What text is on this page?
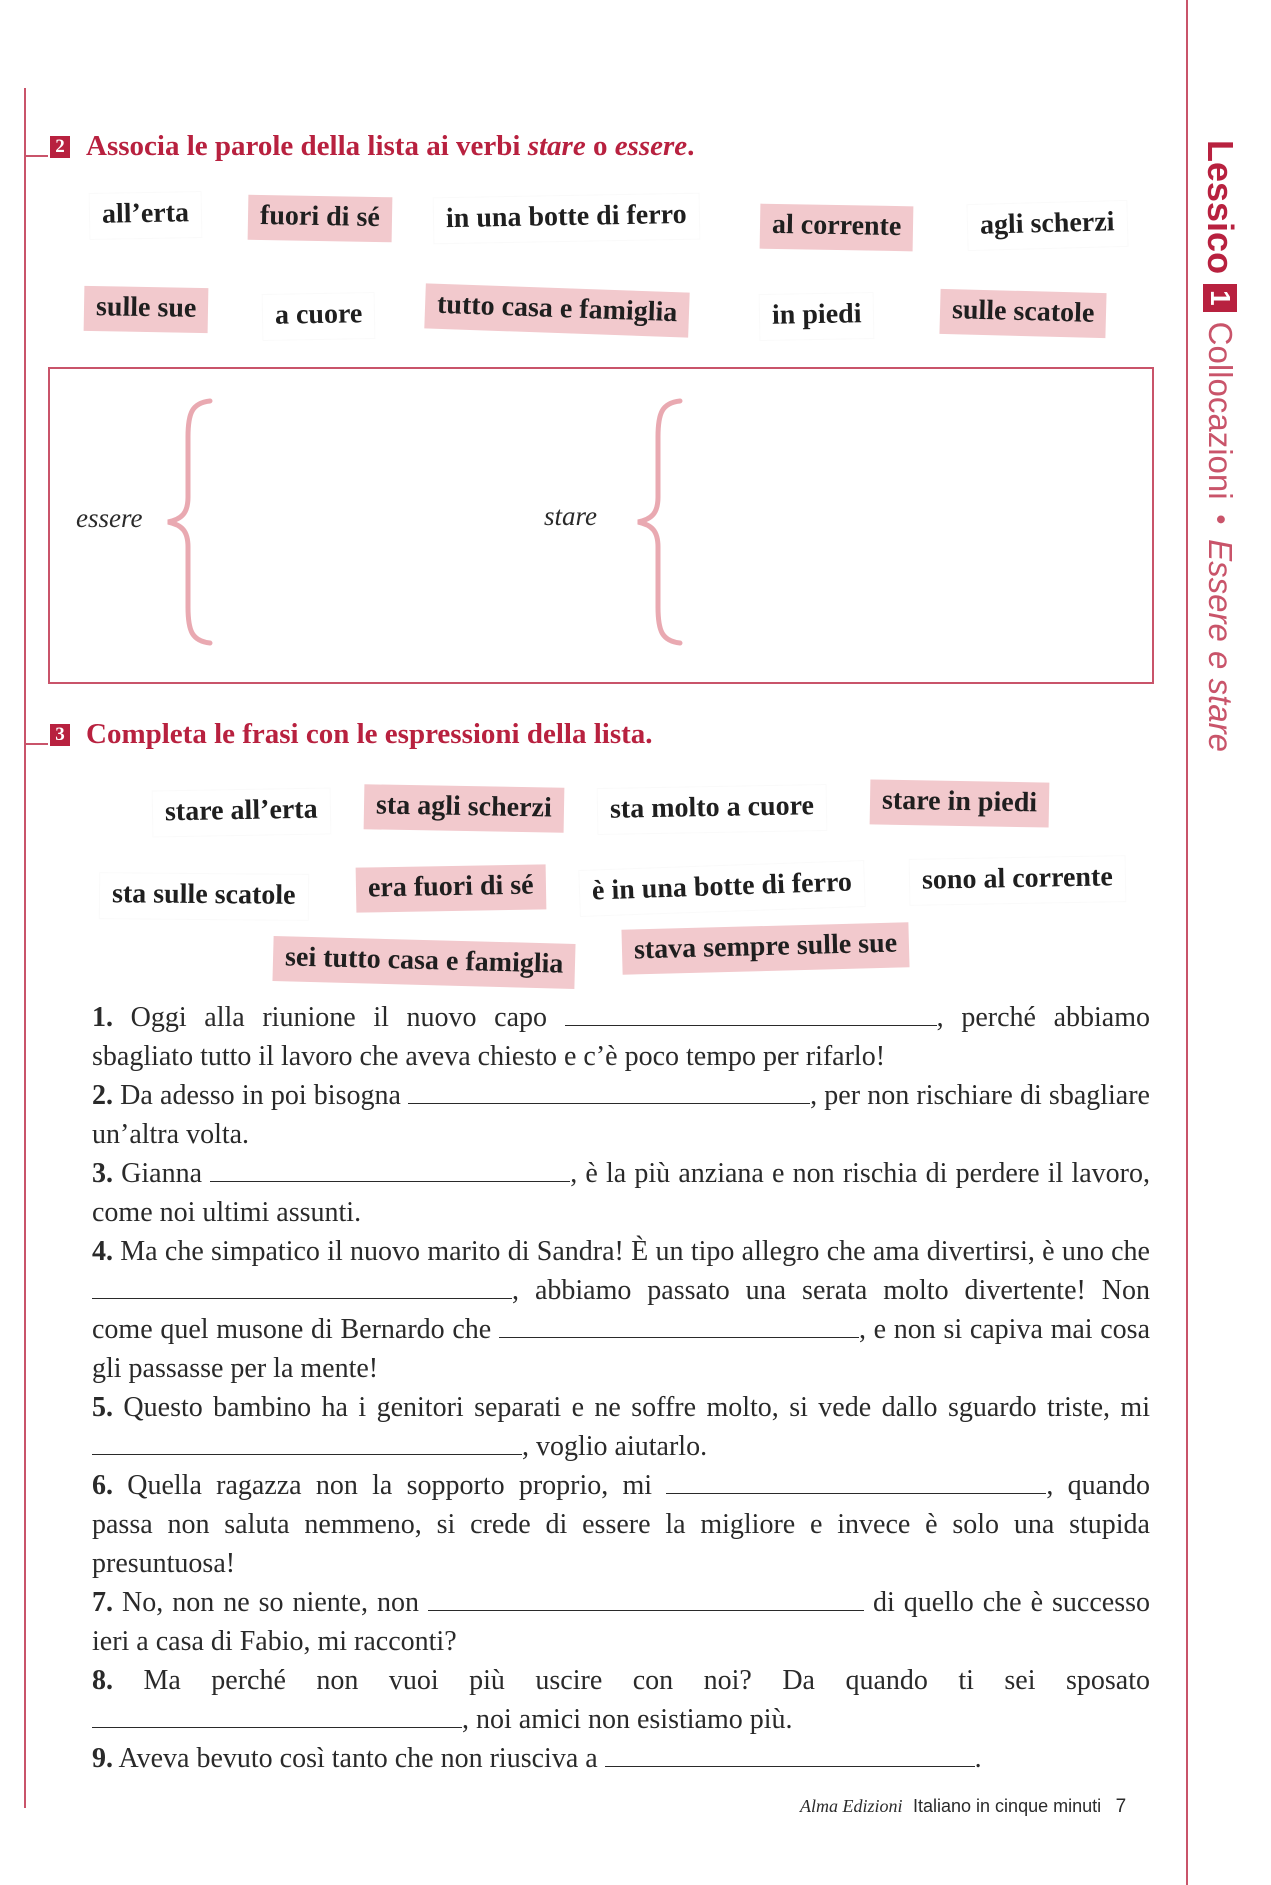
2 Associa le parole della lista ai verbi stare o essere.
all’erta	fuori di sé	in una botte di ferro	al corrente	agli scherzi
sulle sue	a cuore	tutto casa e famiglia	in piedi	sulle scatole
essere	stare
3 Completa le frasi con le espressioni della lista.
stare all’erta	sta agli scherzi	sta molto a cuore	stare in piedi
sta sulle scatole	era fuori di sé	è in una botte di ferro	sono al corrente
sei tutto casa e famiglia	stava sempre sulle sue

1. Oggi alla riunione il nuovo capo	, perché abbiamo sbagliato tutto il lavoro che aveva chiesto e c’è poco tempo per rifarlo!

2. Da adesso in poi bisogna	, per non rischiare di sbagliare un’altra volta.

3. Gianna	, è la più anziana e non rischia di perdere il lavoro, come noi ultimi assunti.

4. Ma che simpatico il nuovo marito di Sandra! È un tipo allegro che ama divertirsi, è uno che , abbiamo passato una serata molto divertente! Non come quel musone di Bernardo che	, e non si capiva mai cosa gli passasse per la mente!

5. Questo bambino ha i genitori separati e ne soffre molto, si vede dallo sguardo triste, mi , voglio aiutarlo.

6. Quella ragazza non la sopporto proprio, mi	, quando passa non saluta nemmeno, si crede di essere la migliore e invece è solo una stupida presuntuosa!

7. No, non ne so niente, non	di quello che è successo ieri a casa di Fabio, mi racconti?

8. Ma perché non vuoi più uscire con noi? Da quando ti sei sposato , noi amici non esistiamo più.

9. Aveva bevuto così tanto che non riusciva a	.

Lessico
1
Collocazioni
•
Essere e stare
Alma Edizioni Italiano in cinque minuti 7
